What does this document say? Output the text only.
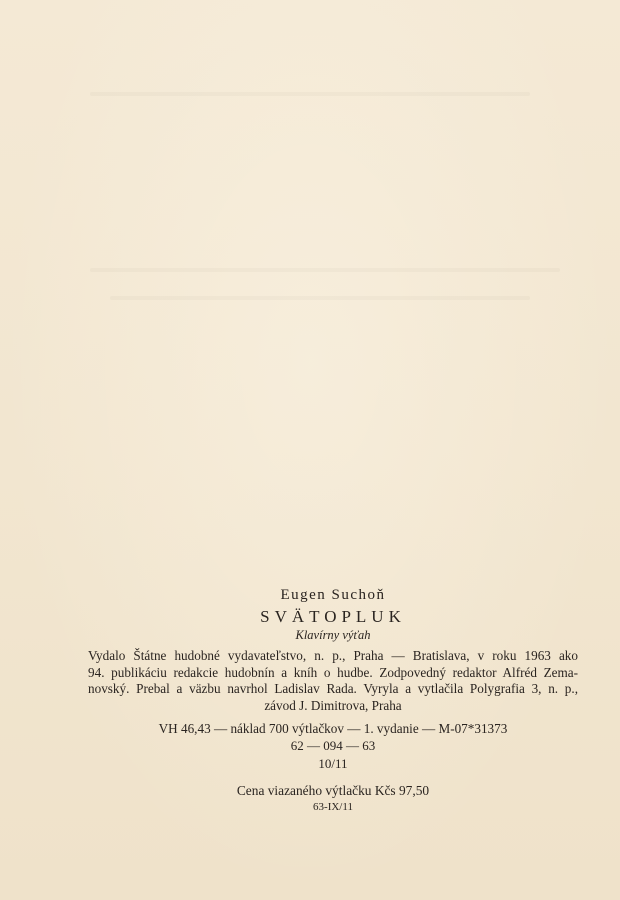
Eugen Suchoň
SVÄTOPLUK
Klavírny výťah
Vydalo Štátne hudobné vydavateľstvo, n. p., Praha — Bratislava, v roku 1963 ako
94. publikáciu redakcie hudobnín a kníh o hudbe. Zodpovedný redaktor Alfréd Zema-
novský. Prebal a väzbu navrhol Ladislav Rada. Vyryla a vytlačila Polygrafia 3, n. p.,
závod J. Dimitrova, Praha
VH 46,43 — náklad 700 výtlačkov — 1. vydanie — M-07*31373
62 — 094 — 63
10/11
Cena viazaného výtlačku Kčs 97,50
63-IX/11
